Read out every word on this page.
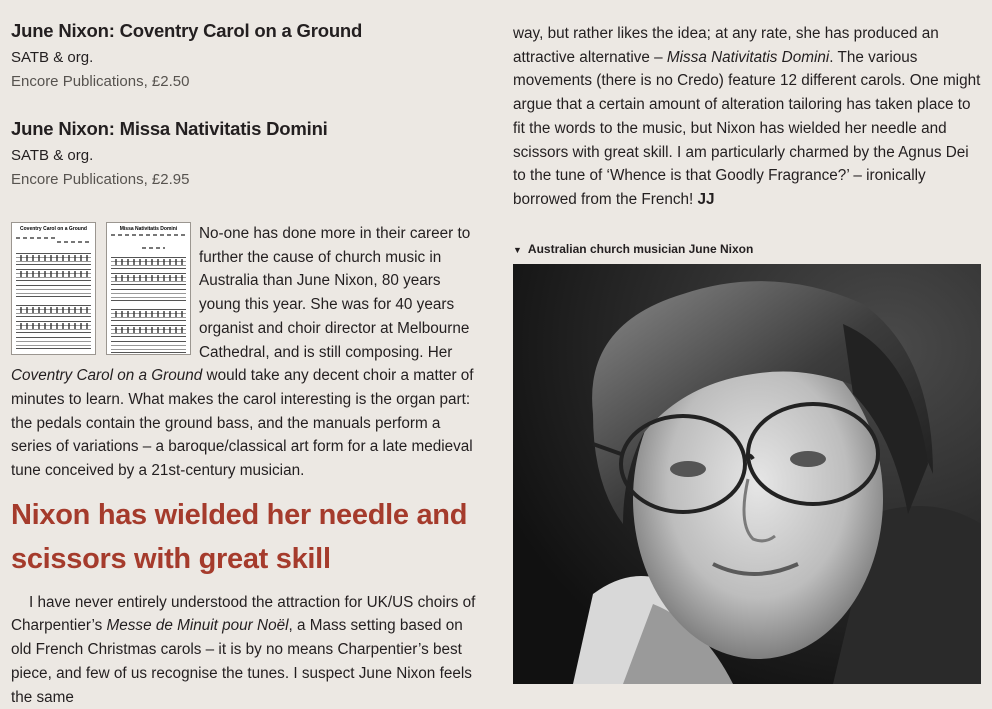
June Nixon: Coventry Carol on a Ground

SATB & org.

Encore Publications, £2.50

June Nixon: Missa Nativitatis Domini

SATB & org.

Encore Publications, £2.95

Coventry Carol on a Ground	Missa Nativitatis Domini	No-one has done more in their career to further the cause of church music in Australia than June Nixon, 80 years young this year. She was for 40 years organist and choir director at Melbourne Cathedral, and is still composing. Her Coventry Carol on a Ground would take any decent choir a matter of minutes to learn. What makes the carol interesting is the organ part: the pedals contain the ground bass, and the manuals perform a series of variations – a baroque/classical art form for a late medieval tune conceived by a 21st-century musician.

Nixon has wielded her needle and scissors with great skill

I have never entirely understood the attraction for UK/US choirs of Charpentier’s Messe de Minuit pour Noël, a Mass setting based on old French Christmas carols – it is by no means Charpentier’s best piece, and few of us recognise the tunes. I suspect June Nixon feels the same

way, but rather likes the idea; at any rate, she has produced an attractive alternative – Missa Nativitatis Domini. The various movements (there is no Credo) feature 12 different carols. One might argue that a certain amount of alteration tailoring has taken place to fit the words to the music, but Nixon has wielded her needle and scissors with great skill. I am particularly charmed by the Agnus Dei to the tune of ‘Whence is that Goodly Fragrance?’ – ironically borrowed from the French! JJ

▼ Australian church musician June Nixon
